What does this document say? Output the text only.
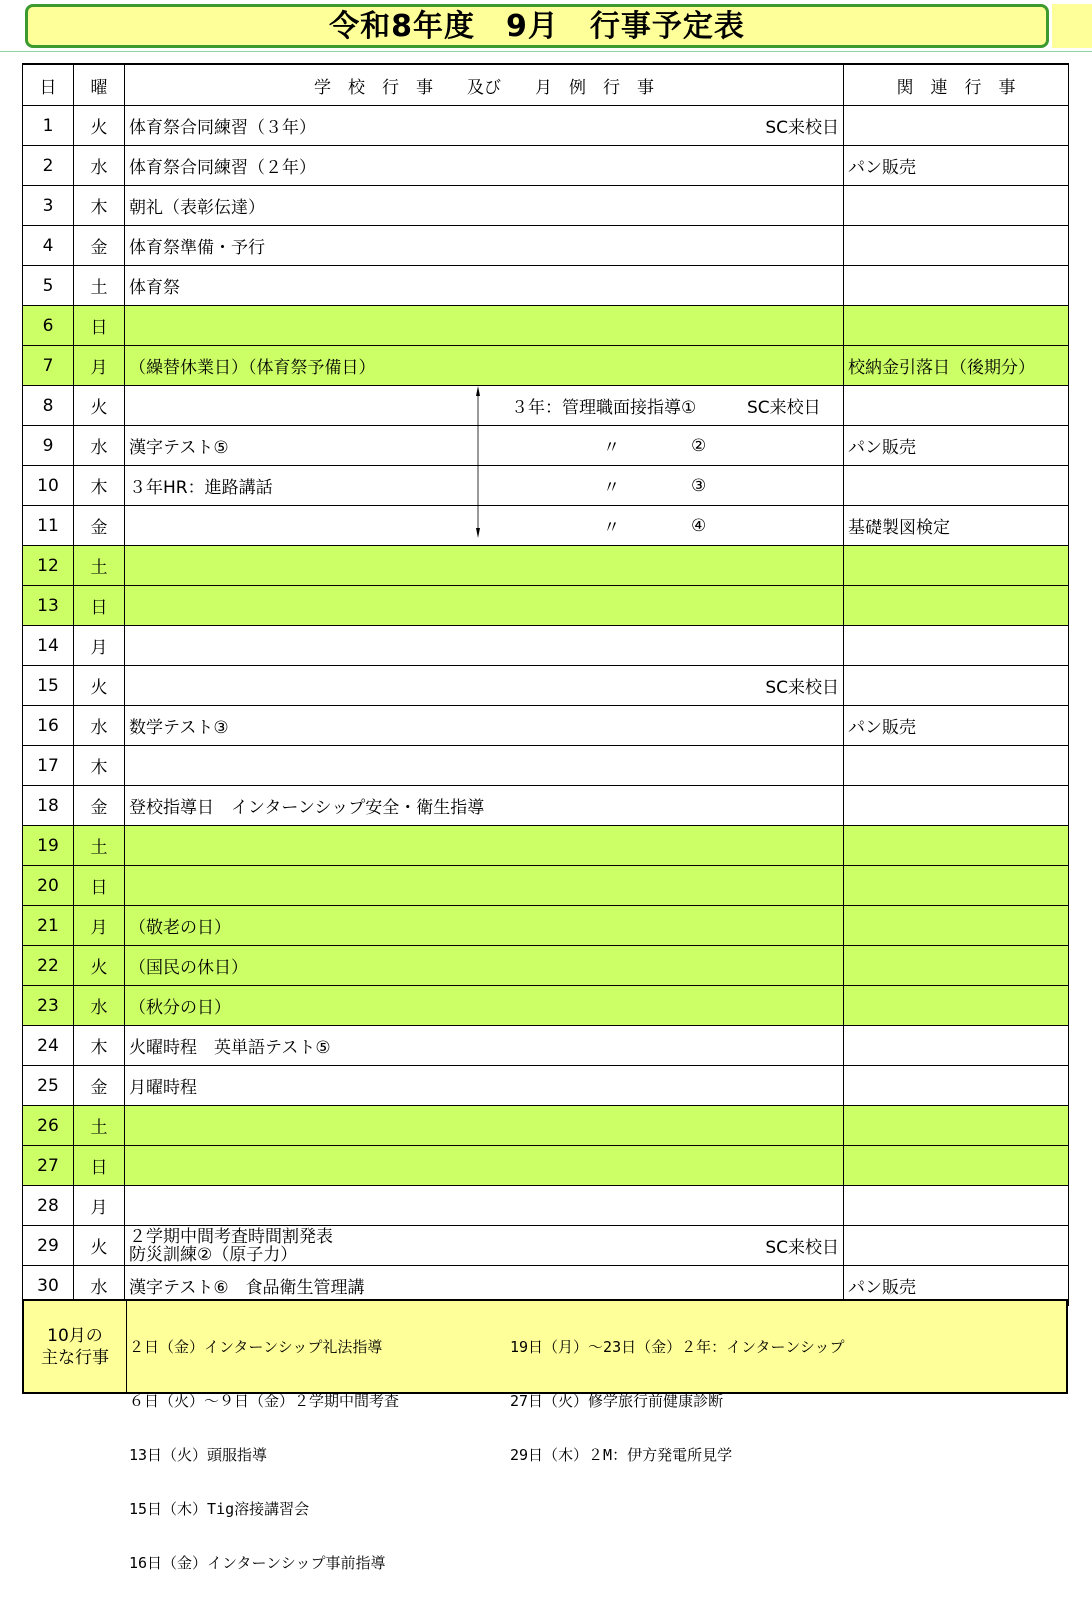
令和8年度　9月　行事予定表
日	曜	学　校　行　事　　及び　　月　例　行　事	関　連　行　事
1	火	体育祭合同練習（３年） SC来校日	

2	水	体育祭合同練習（２年）	パン販売
3	木	朝礼（表彰伝達）	

4	金	体育祭準備・予行	

5	土	体育祭	

6	日	

7	月	（繰替休業日）（体育祭予備日）	校納金引落日（後期分）
8	火	３年：管理職面接指導① SC来校日	

9	水	漢字テスト⑤ 〃 ②	パン販売
10	木	３年HR：進路講話 〃 ③	

11	金	〃 ④	基礎製図検定
12	土	

13	日	

14	月	

15	火	SC来校日	

16	水	数学テスト③	パン販売
17	木	

18	金	登校指導日　インターンシップ安全・衛生指導	

19	土	

20	日	

21	月	（敬老の日）	

22	火	（国民の休日）	

23	水	（秋分の日）	

24	木	火曜時程　英単語テスト⑤	

25	金	月曜時程	

26	土	

27	日	

28	月	

29	火	２学期中間考査時間割発表
防災訓練②（原子力） SC来校日	

30	水	漢字テスト⑥　食品衛生管理講	パン販売
10月の
主な行事

２日（金）インターンシップ礼法指導

６日（火）～９日（金）２学期中間考査

13日（火）頭服指導

15日（木）Tig溶接講習会

16日（金）インターンシップ事前指導

19日（月）～23日（金）２年：インターンシップ

27日（火）修学旅行前健康診断

29日（木）２M：伊方発電所見学
